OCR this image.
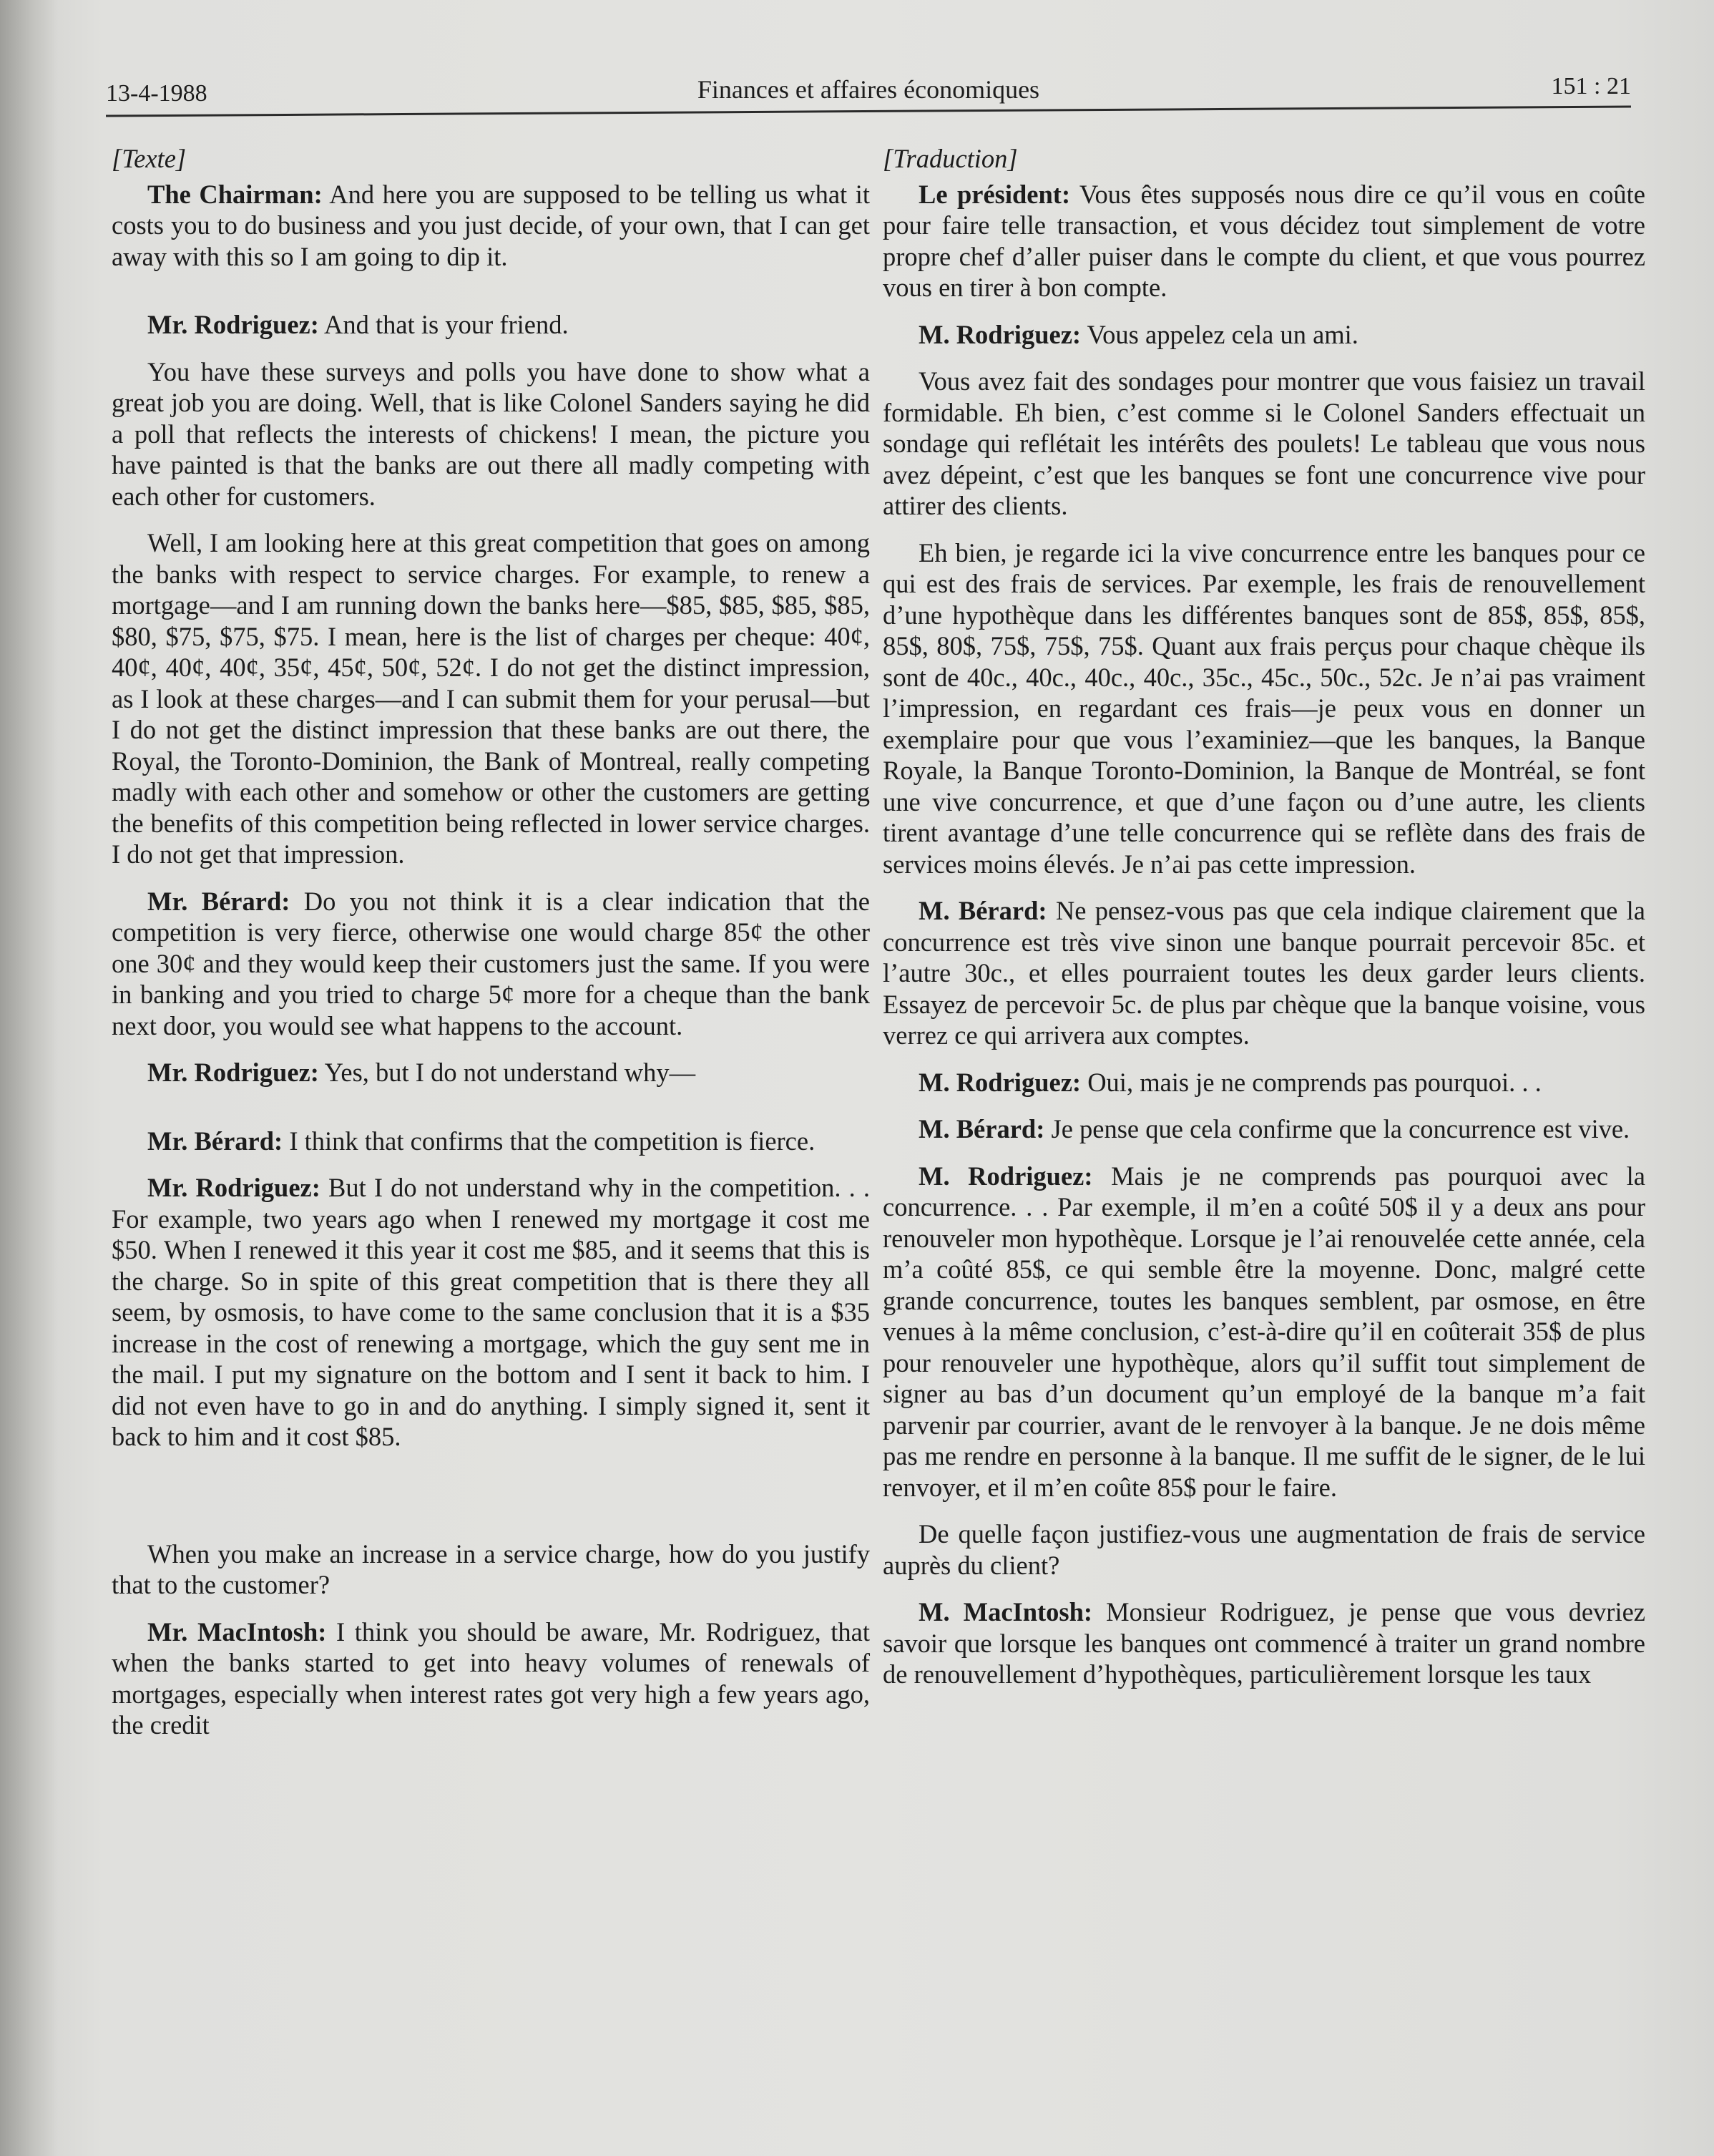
13-4-1988	Finances et affaires économiques	151 : 21

[Texte]

The Chairman: And here you are supposed to be telling us what it costs you to do business and you just decide, of your own, that I can get away with this so I am going to dip it.

Mr. Rodriguez: And that is your friend.

You have these surveys and polls you have done to show what a great job you are doing. Well, that is like Colonel Sanders saying he did a poll that reflects the interests of chickens! I mean, the picture you have painted is that the banks are out there all madly competing with each other for customers.

Well, I am looking here at this great competition that goes on among the banks with respect to service charges. For example, to renew a mortgage—and I am running down the banks here—$85, $85, $85, $85, $80, $75, $75, $75. I mean, here is the list of charges per cheque: 40¢, 40¢, 40¢, 40¢, 35¢, 45¢, 50¢, 52¢. I do not get the distinct impression, as I look at these charges—and I can submit them for your perusal—but I do not get the distinct impression that these banks are out there, the Royal, the Toronto-Dominion, the Bank of Montreal, really competing madly with each other and somehow or other the customers are getting the benefits of this competition being reflected in lower service charges. I do not get that impression.

Mr. Bérard: Do you not think it is a clear indication that the competition is very fierce, otherwise one would charge 85¢ the other one 30¢ and they would keep their customers just the same. If you were in banking and you tried to charge 5¢ more for a cheque than the bank next door, you would see what happens to the account.

Mr. Rodriguez: Yes, but I do not understand why—

Mr. Bérard: I think that confirms that the competition is fierce.

Mr. Rodriguez: But I do not understand why in the competition. . . For example, two years ago when I renewed my mortgage it cost me $50. When I renewed it this year it cost me $85, and it seems that this is the charge. So in spite of this great competition that is there they all seem, by osmosis, to have come to the same conclusion that it is a $35 increase in the cost of renewing a mortgage, which the guy sent me in the mail. I put my signature on the bottom and I sent it back to him. I did not even have to go in and do anything. I simply signed it, sent it back to him and it cost $85.

When you make an increase in a service charge, how do you justify that to the customer?

Mr. MacIntosh: I think you should be aware, Mr. Rodriguez, that when the banks started to get into heavy volumes of renewals of mortgages, especially when interest rates got very high a few years ago, the credit

[Traduction]

Le président: Vous êtes supposés nous dire ce qu’il vous en coûte pour faire telle transaction, et vous décidez tout simplement de votre propre chef d’aller puiser dans le compte du client, et que vous pourrez vous en tirer à bon compte.

M. Rodriguez: Vous appelez cela un ami.

Vous avez fait des sondages pour montrer que vous faisiez un travail formidable. Eh bien, c’est comme si le Colonel Sanders effectuait un sondage qui reflétait les intérêts des poulets! Le tableau que vous nous avez dépeint, c’est que les banques se font une concurrence vive pour attirer des clients.

Eh bien, je regarde ici la vive concurrence entre les banques pour ce qui est des frais de services. Par exemple, les frais de renouvellement d’une hypothèque dans les différentes banques sont de 85$, 85$, 85$, 85$, 80$, 75$, 75$, 75$. Quant aux frais perçus pour chaque chèque ils sont de 40c., 40c., 40c., 40c., 35c., 45c., 50c., 52c. Je n’ai pas vraiment l’impression, en regardant ces frais—je peux vous en donner un exemplaire pour que vous l’examiniez—que les banques, la Banque Royale, la Banque Toronto-Dominion, la Banque de Montréal, se font une vive concurrence, et que d’une façon ou d’une autre, les clients tirent avantage d’une telle concurrence qui se reflète dans des frais de services moins élevés. Je n’ai pas cette impression.

M. Bérard: Ne pensez-vous pas que cela indique clairement que la concurrence est très vive sinon une banque pourrait percevoir 85c. et l’autre 30c., et elles pourraient toutes les deux garder leurs clients. Essayez de percevoir 5c. de plus par chèque que la banque voisine, vous verrez ce qui arrivera aux comptes.

M. Rodriguez: Oui, mais je ne comprends pas pourquoi. . .

M. Bérard: Je pense que cela confirme que la concurrence est vive.

M. Rodriguez: Mais je ne comprends pas pourquoi avec la concurrence. . . Par exemple, il m’en a coûté 50$ il y a deux ans pour renouveler mon hypothèque. Lorsque je l’ai renouvelée cette année, cela m’a coûté 85$, ce qui semble être la moyenne. Donc, malgré cette grande concurrence, toutes les banques semblent, par osmose, en être venues à la même conclusion, c’est-à-dire qu’il en coûterait 35$ de plus pour renouveler une hypothèque, alors qu’il suffit tout simplement de signer au bas d’un document qu’un employé de la banque m’a fait parvenir par courrier, avant de le renvoyer à la banque. Je ne dois même pas me rendre en personne à la banque. Il me suffit de le signer, de le lui renvoyer, et il m’en coûte 85$ pour le faire.

De quelle façon justifiez-vous une augmentation de frais de service auprès du client?

M. MacIntosh: Monsieur Rodriguez, je pense que vous devriez savoir que lorsque les banques ont commencé à traiter un grand nombre de renouvellement d’hypothèques, particulièrement lorsque les taux
